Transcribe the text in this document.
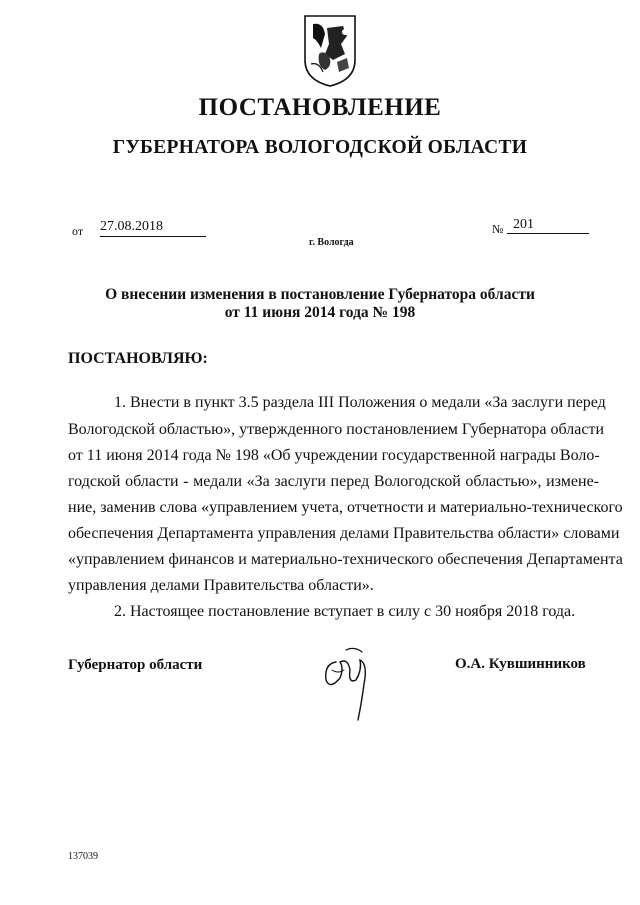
ПОСТАНОВЛЕНИЕ
ГУБЕРНАТОРА ВОЛОГОДСКОЙ ОБЛАСТИ
от 27.08.2018	№ 201
г. Вологда
О внесении изменения в постановление Губернатора области
от 11 июня 2014 года № 198
ПОСТАНОВЛЯЮ:
1. Внести в пункт 3.5 раздела III Положения о медали «За заслуги перед
Вологодской областью», утвержденного постановлением Губернатора области
от 11 июня 2014 года № 198 «Об учреждении государственной награды Воло-
годской области - медали «За заслуги перед Вологодской областью», измене-
ние, заменив слова «управлением учета, отчетности и материально-технического
обеспечения Департамента управления делами Правительства области» словами
«управлением финансов и материально-технического обеспечения Департамента
управления делами Правительства области».
2. Настоящее постановление вступает в силу с 30 ноября 2018 года.
Губернатор области	О.А. Кувшинников
137039
